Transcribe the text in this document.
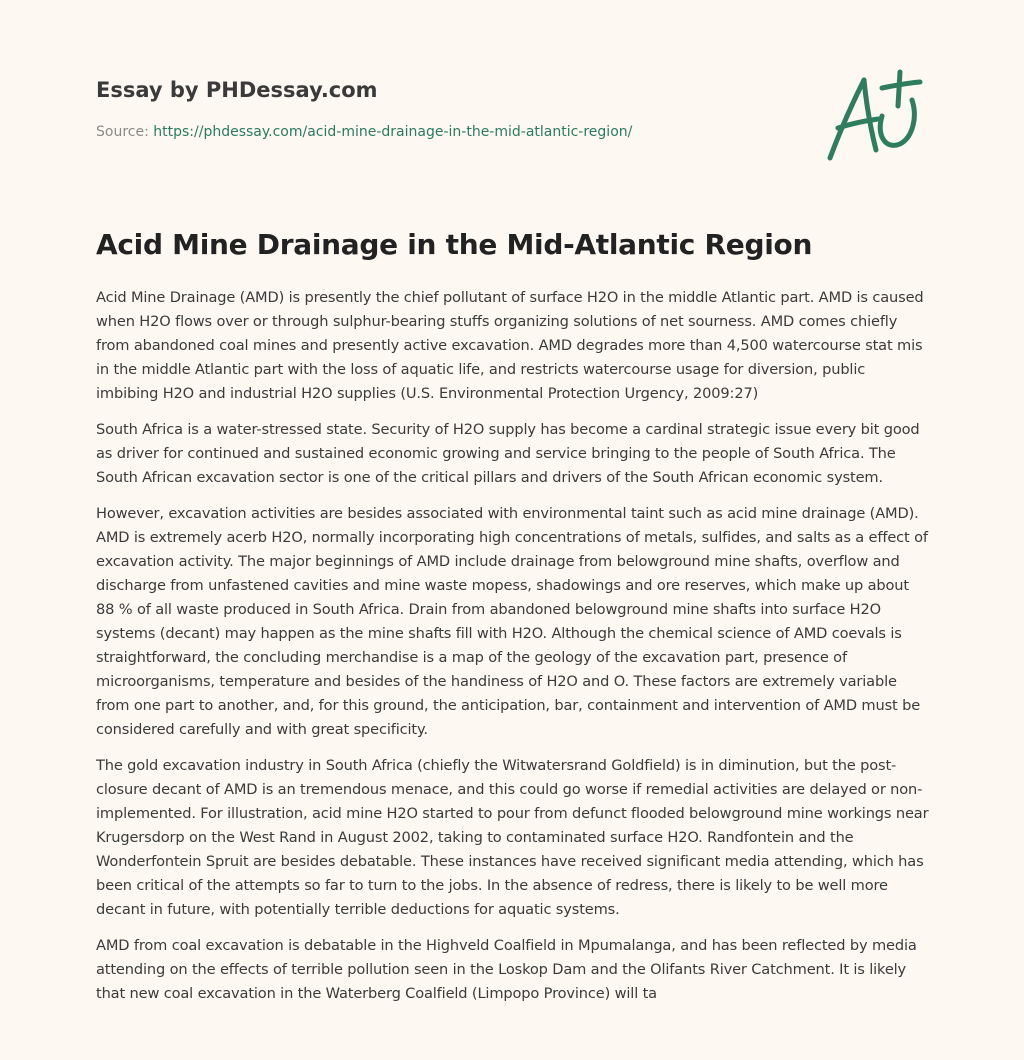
Essay by PHDessay.com
Source: https://phdessay.com/acid-mine-drainage-in-the-mid-atlantic-region/
Acid Mine Drainage in the Mid-Atlantic Region

Acid Mine Drainage (AMD) is presently the chief pollutant of surface H2O in the middle Atlantic part. AMD is caused when H2O flows over or through sulphur-bearing stuffs organizing solutions of net sourness. AMD comes chiefly from abandoned coal mines and presently active excavation. AMD degrades more than 4,500 watercourse stat mis in the middle Atlantic part with the loss of aquatic life, and restricts watercourse usage for diversion, public imbibing H2O and industrial H2O supplies (U.S. Environmental Protection Urgency, 2009:27)

South Africa is a water-stressed state. Security of H2O supply has become a cardinal strategic issue every bit good as driver for continued and sustained economic growing and service bringing to the people of South Africa. The South African excavation sector is one of the critical pillars and drivers of the South African economic system.

However, excavation activities are besides associated with environmental taint such as acid mine drainage (AMD). AMD is extremely acerb H2O, normally incorporating high concentrations of metals, sulfides, and salts as a effect of excavation activity. The major beginnings of AMD include drainage from belowground mine shafts, overflow and discharge from unfastened cavities and mine waste mopess, shadowings and ore reserves, which make up about 88 % of all waste produced in South Africa. Drain from abandoned belowground mine shafts into surface H2O systems (decant) may happen as the mine shafts fill with H2O. Although the chemical science of AMD coevals is straightforward, the concluding merchandise is a map of the geology of the excavation part, presence of microorganisms, temperature and besides of the handiness of H2O and O. These factors are extremely variable from one part to another, and, for this ground, the anticipation, bar, containment and intervention of AMD must be considered carefully and with great specificity.

The gold excavation industry in South Africa (chiefly the Witwatersrand Goldfield) is in diminution, but the post-closure decant of AMD is an tremendous menace, and this could go worse if remedial activities are delayed or non-implemented. For illustration, acid mine H2O started to pour from defunct flooded belowground mine workings near Krugersdorp on the West Rand in August 2002, taking to contaminated surface H2O. Randfontein and the Wonderfontein Spruit are besides debatable. These instances have received significant media attending, which has been critical of the attempts so far to turn to the jobs. In the absence of redress, there is likely to be well more decant in future, with potentially terrible deductions for aquatic systems.

AMD from coal excavation is debatable in the Highveld Coalfield in Mpumalanga, and has been reflected by media attending on the effects of terrible pollution seen in the Loskop Dam and the Olifants River Catchment. It is likely that new coal excavation in the Waterberg Coalfield (Limpopo Province) will ta
